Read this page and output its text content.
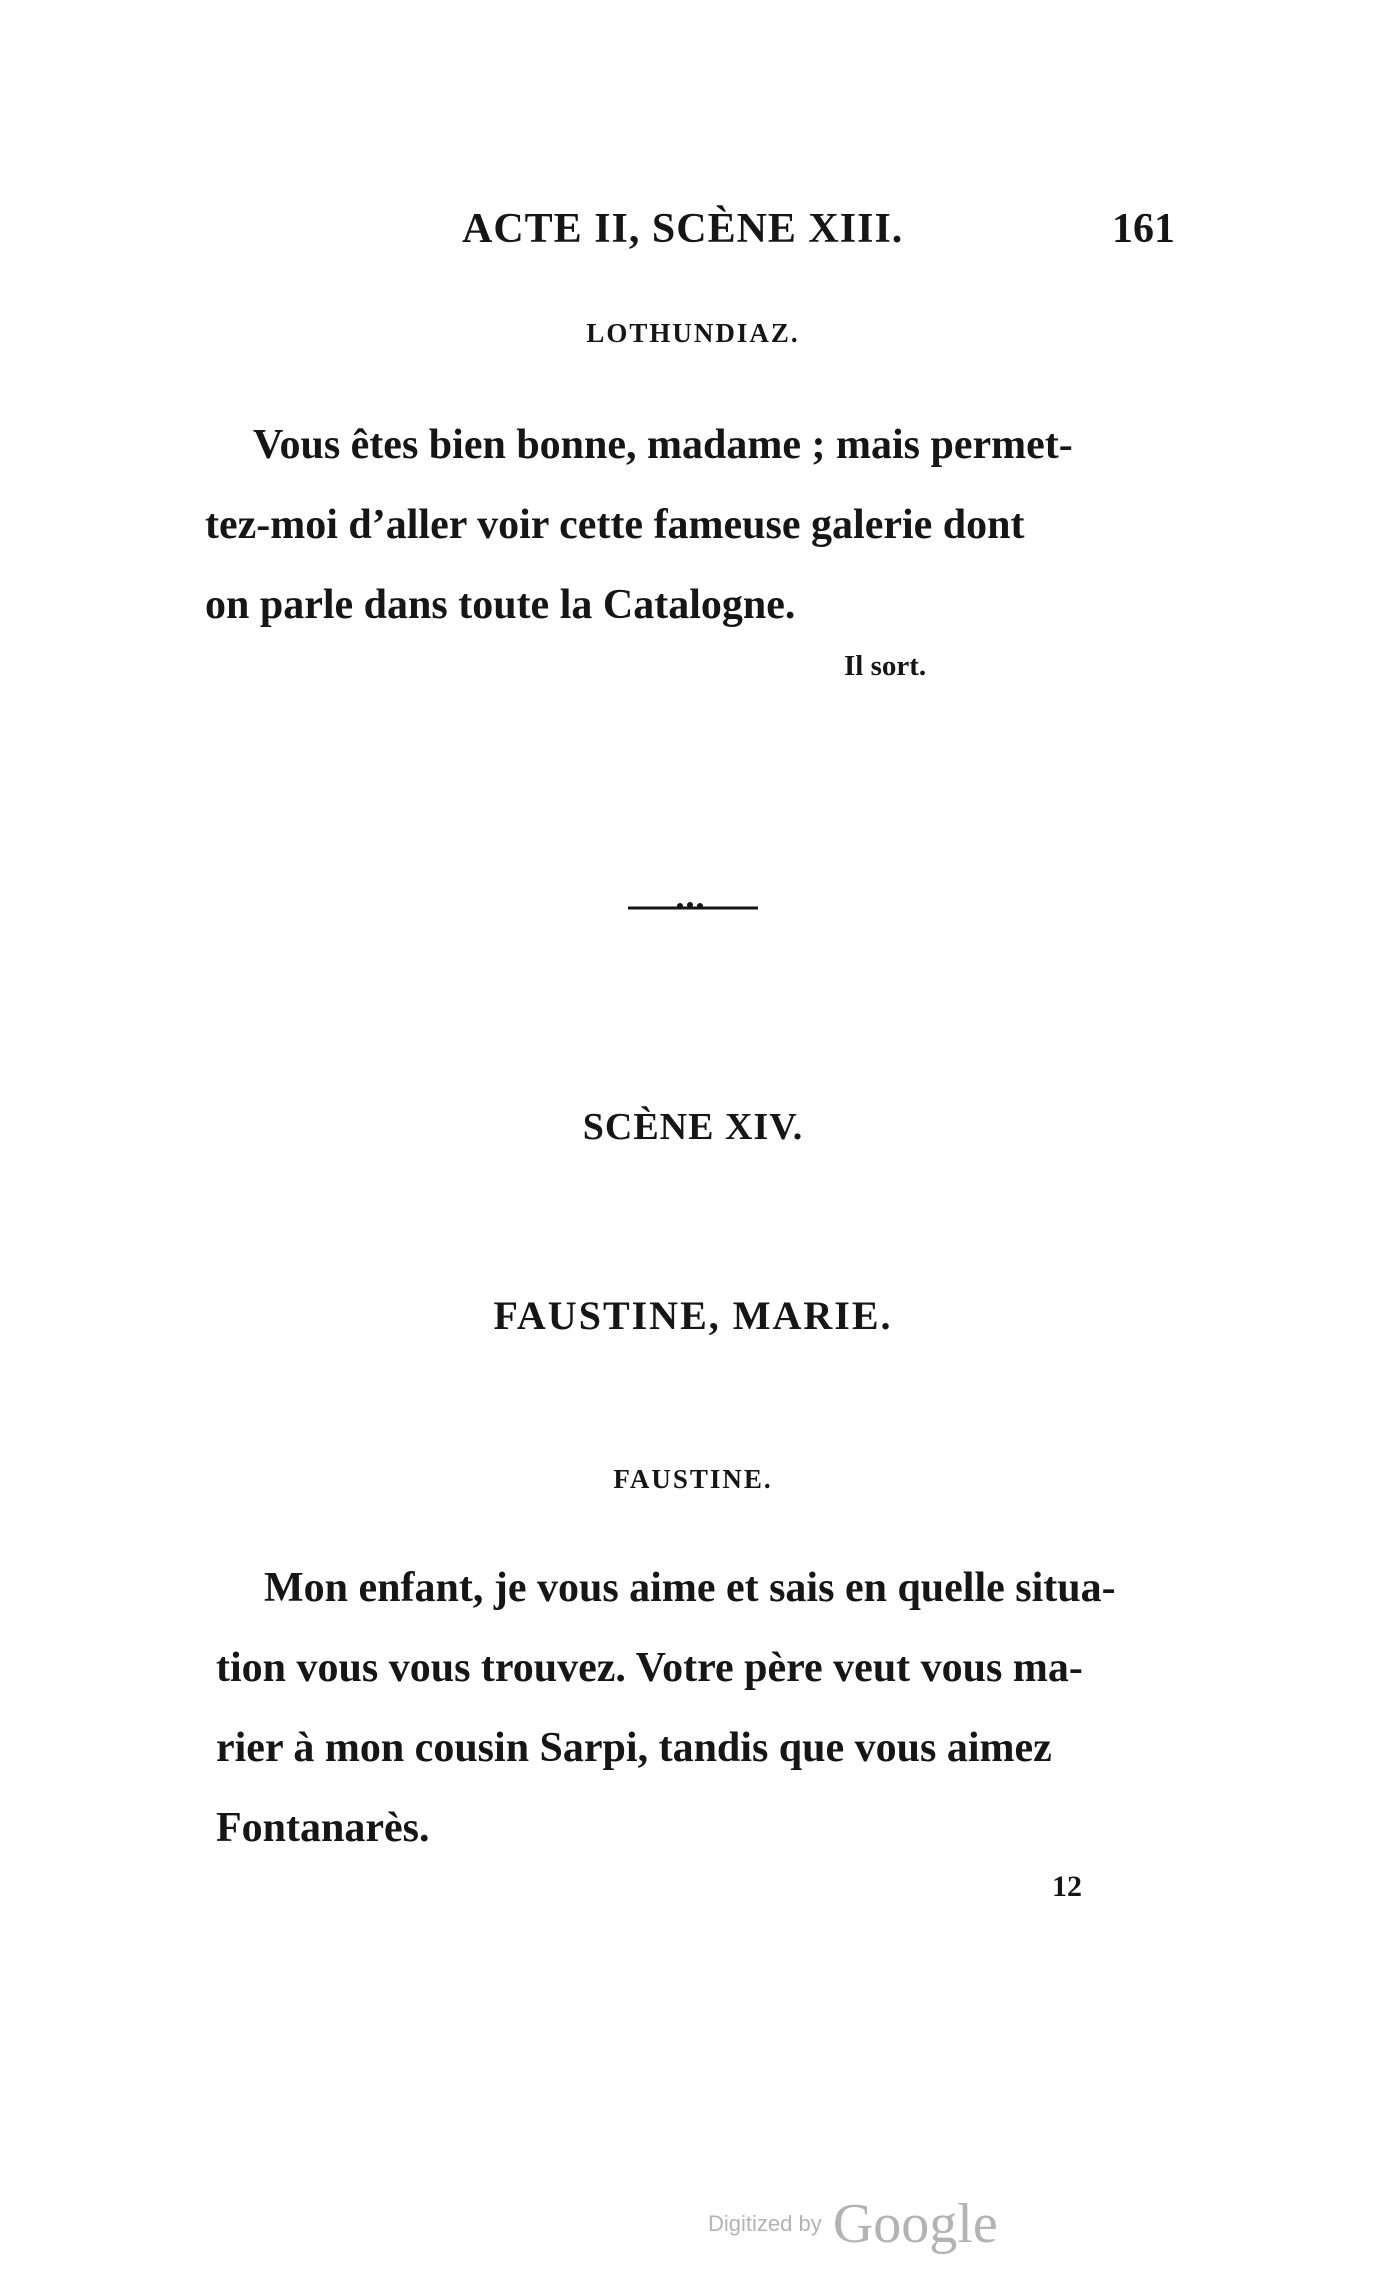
ACTE II, SCÈNE XIII.	161
LOTHUNDIAZ.
Vous êtes bien bonne, madame ; mais permet-
tez-moi d’aller voir cette fameuse galerie dont
on parle dans toute la Catalogne.
Il sort.
SCÈNE XIV.
FAUSTINE, MARIE.
FAUSTINE.
Mon enfant, je vous aime et sais en quelle situa-
tion vous vous trouvez. Votre père veut vous ma-
rier à mon cousin Sarpi, tandis que vous aimez
Fontanarès.
12
Digitized by Google
